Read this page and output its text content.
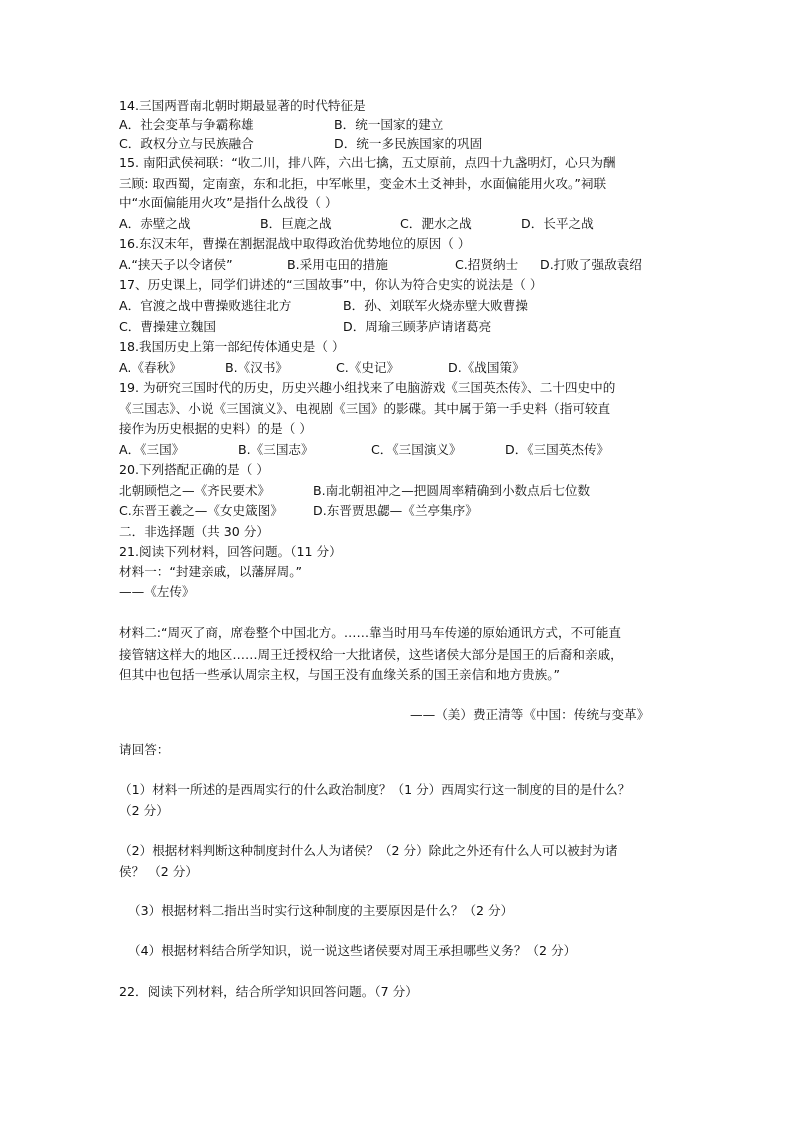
14.三国两晋南北朝时期最显著的时代特征是
A．社会变革与争霸称雄	B．统一国家的建立
C．政权分立与民族融合	D．统一多民族国家的巩固
15. 南阳武侯祠联：“收二川，排八阵，六出七擒，五丈原前，点四十九盏明灯，心只为酬
三顾: 取西蜀，定南蛮，东和北拒，中军帐里，变金木土爻神卦，水面偏能用火攻。”祠联
中“水面偏能用火攻”是指什么战役（ ）
A．赤壁之战	B．巨鹿之战	C．淝水之战	D．长平之战
16.东汉末年，曹操在割据混战中取得政治优势地位的原因（ ）
A.“挟天子以令诸侯”	B.采用屯田的措施	C.招贤纳士 D.打败了强敌袁绍
17、历史课上，同学们讲述的“三国故事”中，你认为符合史实的说法是（ ）
A．官渡之战中曹操败逃往北方	B．孙、刘联军火烧赤壁大败曹操
C．曹操建立魏国	D．周瑜三顾茅庐请诸葛亮
18.我国历史上第一部纪传体通史是（ ）
A.《春秋》	B.《汉书》	C.《史记》	D.《战国策》
19. 为研究三国时代的历史，历史兴趣小组找来了电脑游戏《三国英杰传》、二十四史中的
《三国志》、小说《三国演义》、电视剧《三国》的影碟。其中属于第一手史料（指可较直
接作为历史根据的史料）的是（ ）
A．《三国》	B.《三国志》	C．《三国演义》	D．《三国英杰传》
20.下列搭配正确的是（ ）
北朝顾恺之—《齐民要术》	B.南北朝祖冲之—把圆周率精确到小数点后七位数
C.东晋王羲之—《女史箴图》 D.东晋贾思勰—《兰亭集序》
二．非选择题（共 30 分）
21.阅读下列材料，回答问题。（11 分）
材料一：“封建亲戚，以藩屏周。”
——《左传》
材料二:“周灭了商，席卷整个中国北方。……靠当时用马车传递的原始通讯方式，不可能直
接管辖这样大的地区……周王迁授权给一大批诸侯，这些诸侯大部分是国王的后裔和亲戚，
但其中也包括一些承认周宗主权，与国王没有血缘关系的国王亲信和地方贵族。”
——（美）费正清等《中国：传统与变革》
请回答：
（1）材料一所述的是西周实行的什么政治制度？（1 分）西周实行这一制度的目的是什么？
（2 分）
（2）根据材料判断这种制度封什么人为诸侯？（2 分）除此之外还有什么人可以被封为诸
侯？ （2 分）
（3）根据材料二指出当时实行这种制度的主要原因是什么？（2 分）
（4）根据材料结合所学知识，说一说这些诸侯要对周王承担哪些义务？（2 分）
22．阅读下列材料，结合所学知识回答问题。（7 分）
